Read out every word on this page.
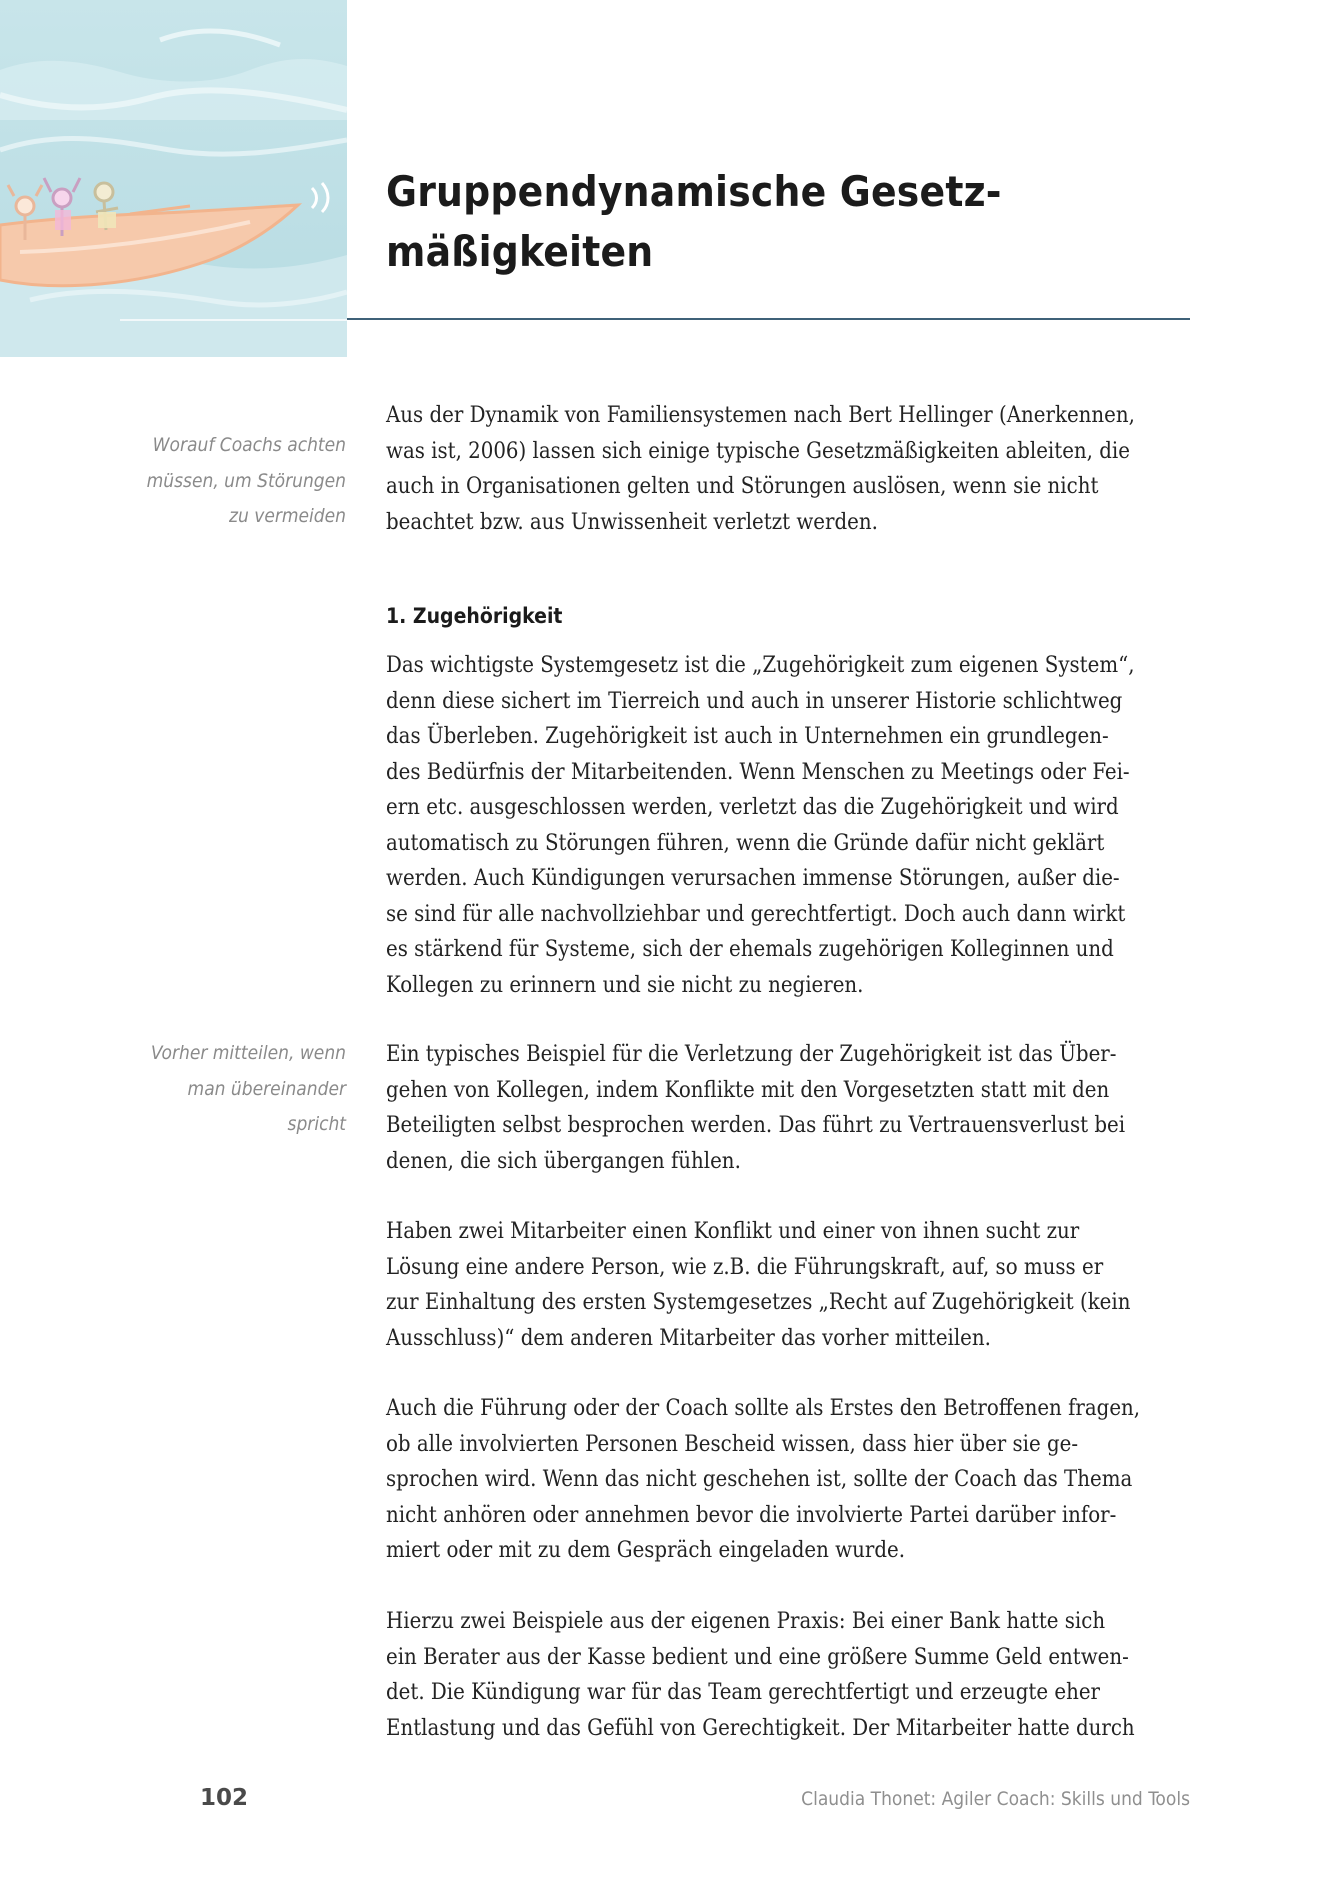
Gruppendynamische Gesetz-
mäßigkeiten

Worauf Coachs achten
müssen, um Störungen
zu vermeiden

Vorher mitteilen, wenn
man übereinander
spricht

Aus der Dynamik von Familiensystemen nach Bert Hellinger (Anerkennen,
was ist, 2006) lassen sich einige typische Gesetzmäßigkeiten ableiten, die
auch in Organisationen gelten und Störungen auslösen, wenn sie nicht
beachtet bzw. aus Unwissenheit verletzt werden.

1. Zugehörigkeit

Das wichtigste Systemgesetz ist die „Zugehörigkeit zum eigenen System“,
denn diese sichert im Tierreich und auch in unserer Historie schlichtweg
das Überleben. Zugehörigkeit ist auch in Unternehmen ein grundlegen-
des Bedürfnis der Mitarbeitenden. Wenn Menschen zu Meetings oder Fei-
ern etc. ausgeschlossen werden, verletzt das die Zugehörigkeit und wird
automatisch zu Störungen führen, wenn die Gründe dafür nicht geklärt
werden. Auch Kündigungen verursachen immense Störungen, außer die-
se sind für alle nachvollziehbar und gerechtfertigt. Doch auch dann wirkt
es stärkend für Systeme, sich der ehemals zugehörigen Kolleginnen und
Kollegen zu erinnern und sie nicht zu negieren.

Ein typisches Beispiel für die Verletzung der Zugehörigkeit ist das Über-
gehen von Kollegen, indem Konflikte mit den Vorgesetzten statt mit den
Beteiligten selbst besprochen werden. Das führt zu Vertrauensverlust bei
denen, die sich übergangen fühlen.

Haben zwei Mitarbeiter einen Konflikt und einer von ihnen sucht zur
Lösung eine andere Person, wie z.B. die Führungskraft, auf, so muss er
zur Einhaltung des ersten Systemgesetzes „Recht auf Zugehörigkeit (kein
Ausschluss)“ dem anderen Mitarbeiter das vorher mitteilen.

Auch die Führung oder der Coach sollte als Erstes den Betroffenen fragen,
ob alle involvierten Personen Bescheid wissen, dass hier über sie ge-
sprochen wird. Wenn das nicht geschehen ist, sollte der Coach das Thema
nicht anhören oder annehmen bevor die involvierte Partei darüber infor-
miert oder mit zu dem Gespräch eingeladen wurde.

Hierzu zwei Beispiele aus der eigenen Praxis: Bei einer Bank hatte sich
ein Berater aus der Kasse bedient und eine größere Summe Geld entwen-
det. Die Kündigung war für das Team gerechtfertigt und erzeugte eher
Entlastung und das Gefühl von Gerechtigkeit. Der Mitarbeiter hatte durch

102	Claudia Thonet: Agiler Coach: Skills und Tools
